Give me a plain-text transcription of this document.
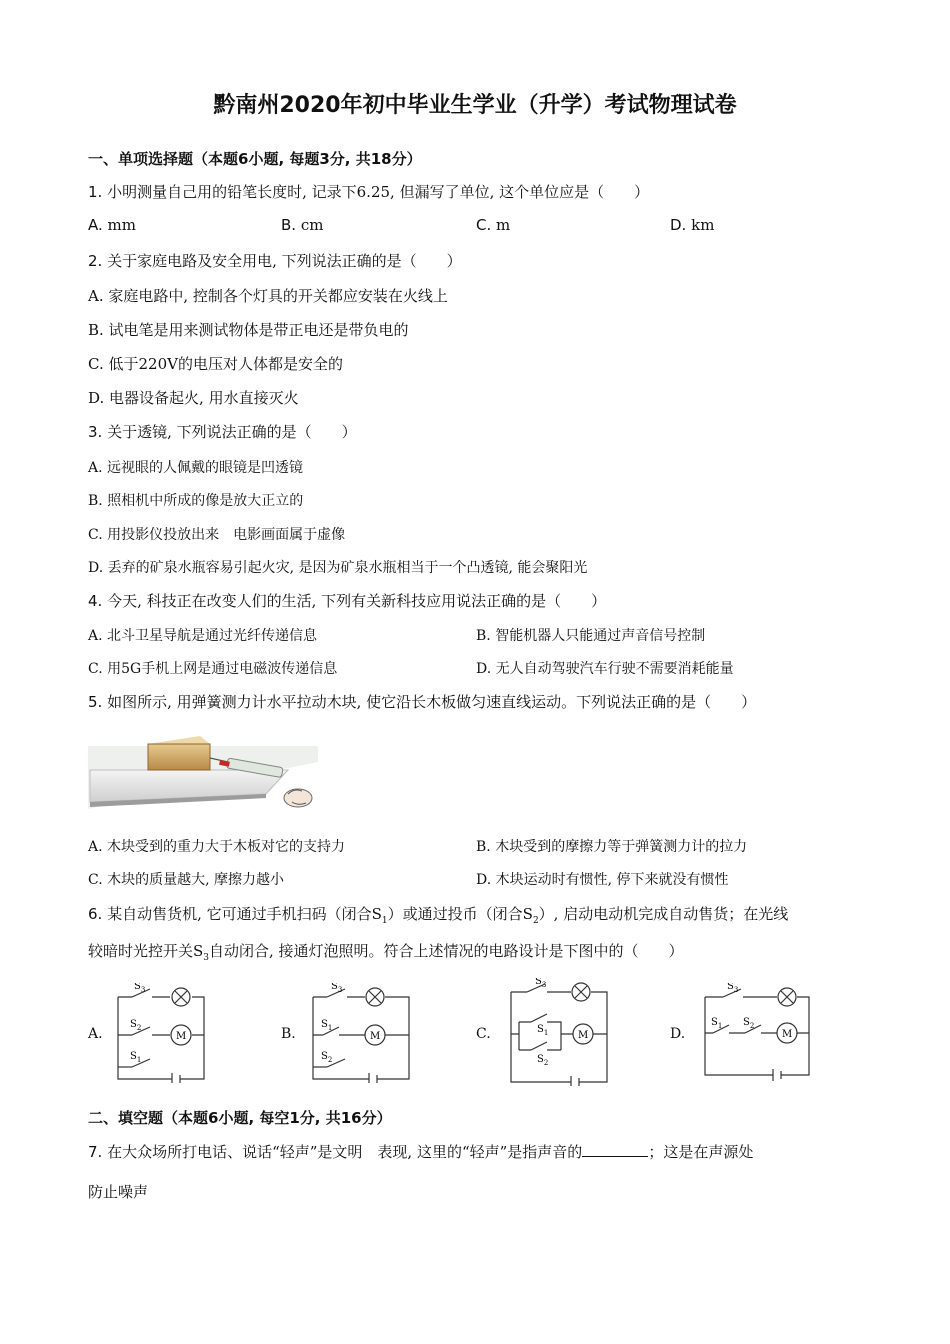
黔南州2020年初中毕业生学业（升学）考试物理试卷
一、单项选择题（本题6小题, 每题3分, 共18分）
1. 小明测量自己用的铅笔长度时, 记录下6.25, 但漏写了单位, 这个单位应是（　　）
A. mm	B. cm	C. m	D. km
2. 关于家庭电路及安全用电, 下列说法正确的是（　　）
A. 家庭电路中, 控制各个灯具的开关都应安装在火线上
B. 试电笔是用来测试物体是带正电还是带负电的
C. 低于220V的电压对人体都是安全的
D. 电器设备起火, 用水直接灭火
3. 关于透镜, 下列说法正确的是（　　）
A. 远视眼的人佩戴的眼镜是凹透镜
B. 照相机中所成的像是放大正立的
C. 用投影仪投放出来　电影画面属于虚像
D. 丢弃的矿泉水瓶容易引起火灾, 是因为矿泉水瓶相当于一个凸透镜, 能会聚阳光
4. 今天, 科技正在改变人们的生活, 下列有关新科技应用说法正确的是（　　）
A. 北斗卫星导航是通过光纤传递信息	B. 智能机器人只能通过声音信号控制
C. 用5G手机上网是通过电磁波传递信息	D. 无人自动驾驶汽车行驶不需要消耗能量
5. 如图所示, 用弹簧测力计水平拉动木块, 使它沿长木板做匀速直线运动。下列说法正确的是（　　）
A. 木块受到的重力大于木板对它的支持力	B. 木块受到的摩擦力等于弹簧测力计的拉力
C. 木块的质量越大, 摩擦力越小	D. 木块运动时有惯性, 停下来就没有惯性
6. 某自动售货机, 它可通过手机扫码（闭合$S_1$）或通过投币（闭合$S_2$）, 启动电动机完成自动售货；在光线
较暗时光控开关$S_3$自动闭合, 接通灯泡照明。符合上述情况的电路设计是下图中的（　　）
A.
$S_3$
$S_2$
$S_1$
M	B.
$S_3$
$S_1$
$S_2$
M	C.
$S_3$
$S_1$
$S_2$
M	D.
$S_3$
$S_1$ $S_2$
M
二、填空题（本题6小题, 每空1分, 共16分）
7. 在大众场所打电话、说话“轻声”是文明　表现, 这里的“轻声”是指声音的	；这是在声源处
防止噪声
